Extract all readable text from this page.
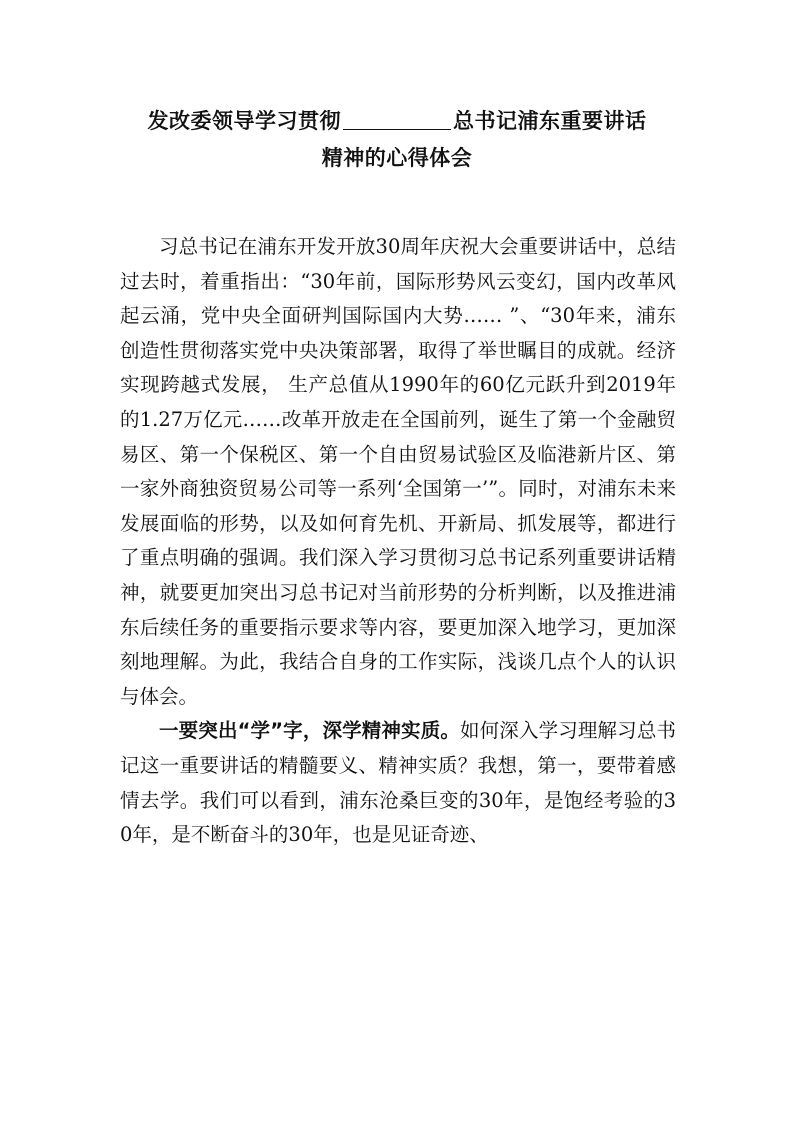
发改委领导学习贯彻	总书记浦东重要讲话
精神的心得体会

习总书记在浦东开发开放30周年庆祝大会重要讲话中，总结过去时，着重指出：“30年前，国际形势风云变幻，国内改革风起云涌，党中央全面研判国际国内大势…… ”、“30年来，浦东创造性贯彻落实党中央决策部署，取得了举世瞩目的成就。经济实现跨越式发展， 生产总值从1990年的60亿元跃升到2019年的1.27万亿元……改革开放走在全国前列，诞生了第一个金融贸易区、第一个保税区、第一个自由贸易试验区及临港新片区、第一家外商独资贸易公司等一系列‘全国第一’”。同时，对浦东未来发展面临的形势，以及如何育先机、开新局、抓发展等，都进行了重点明确的强调。我们深入学习贯彻习总书记系列重要讲话精神，就要更加突出习总书记对当前形势的分析判断，以及推进浦东后续任务的重要指示要求等内容，要更加深入地学习，更加深刻地理解。为此，我结合自身的工作实际，浅谈几点个人的认识与体会。

一要突出“学”字，深学精神实质。如何深入学习理解习总书记这一重要讲话的精髓要义、精神实质？我想，第一，要带着感情去学。我们可以看到，浦东沧桑巨变的30年，是饱经考验的30年，是不断奋斗的30年，也是见证奇迹、
